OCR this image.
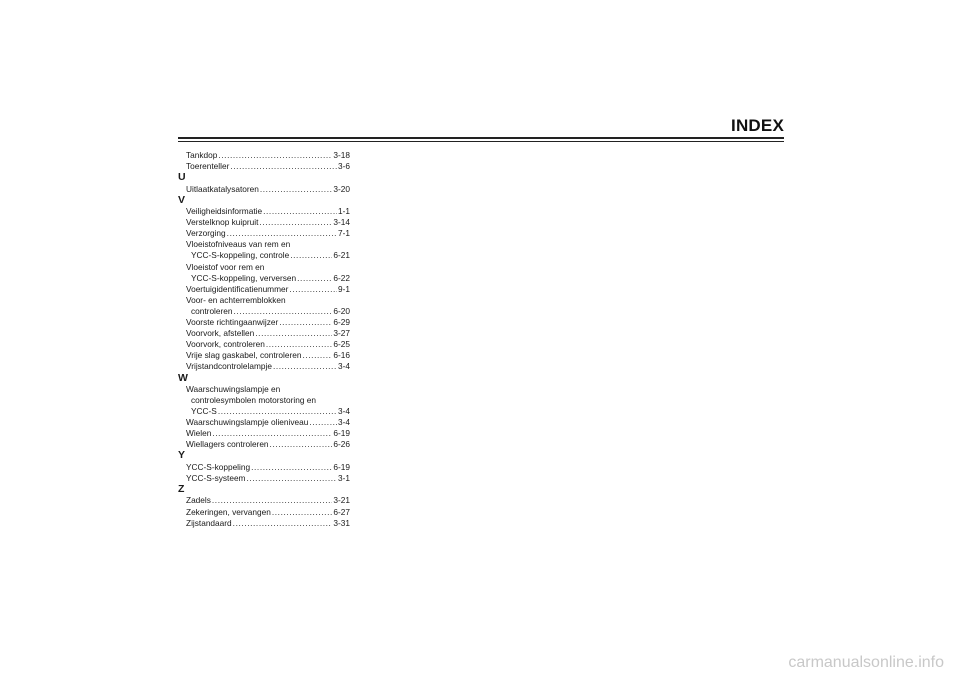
INDEX
Tankdop .....	3-18
Toerenteller .....	3-6
U
Uitlaatkatalysatoren .....	3-20
V
Veiligheidsinformatie .....	1-1
Verstelknop kuipruit .....	3-14
Verzorging .....	7-1
Vloeistofniveaus van rem en
YCC-S-koppeling, controle .....	6-21
Vloeistof voor rem en
YCC-S-koppeling, verversen .....	6-22
Voertuigidentificatienummer .....	9-1
Voor- en achterremblokken
controleren .....	6-20
Voorste richtingaanwijzer .....	6-29
Voorvork, afstellen .....	3-27
Voorvork, controleren .....	6-25
Vrije slag gaskabel, controleren .....	6-16
Vrijstandcontrolelampje .....	3-4
W
Waarschuwingslampje en
controlesymbolen motorstoring en
YCC-S .....	3-4
Waarschuwingslampje olieniveau .....	3-4
Wielen .....	6-19
Wiellagers controleren .....	6-26
Y
YCC-S-koppeling .....	6-19
YCC-S-systeem .....	3-1
Z
Zadels .....	3-21
Zekeringen, vervangen .....	6-27
Zijstandaard .....	3-31
carmanualsonline.info
